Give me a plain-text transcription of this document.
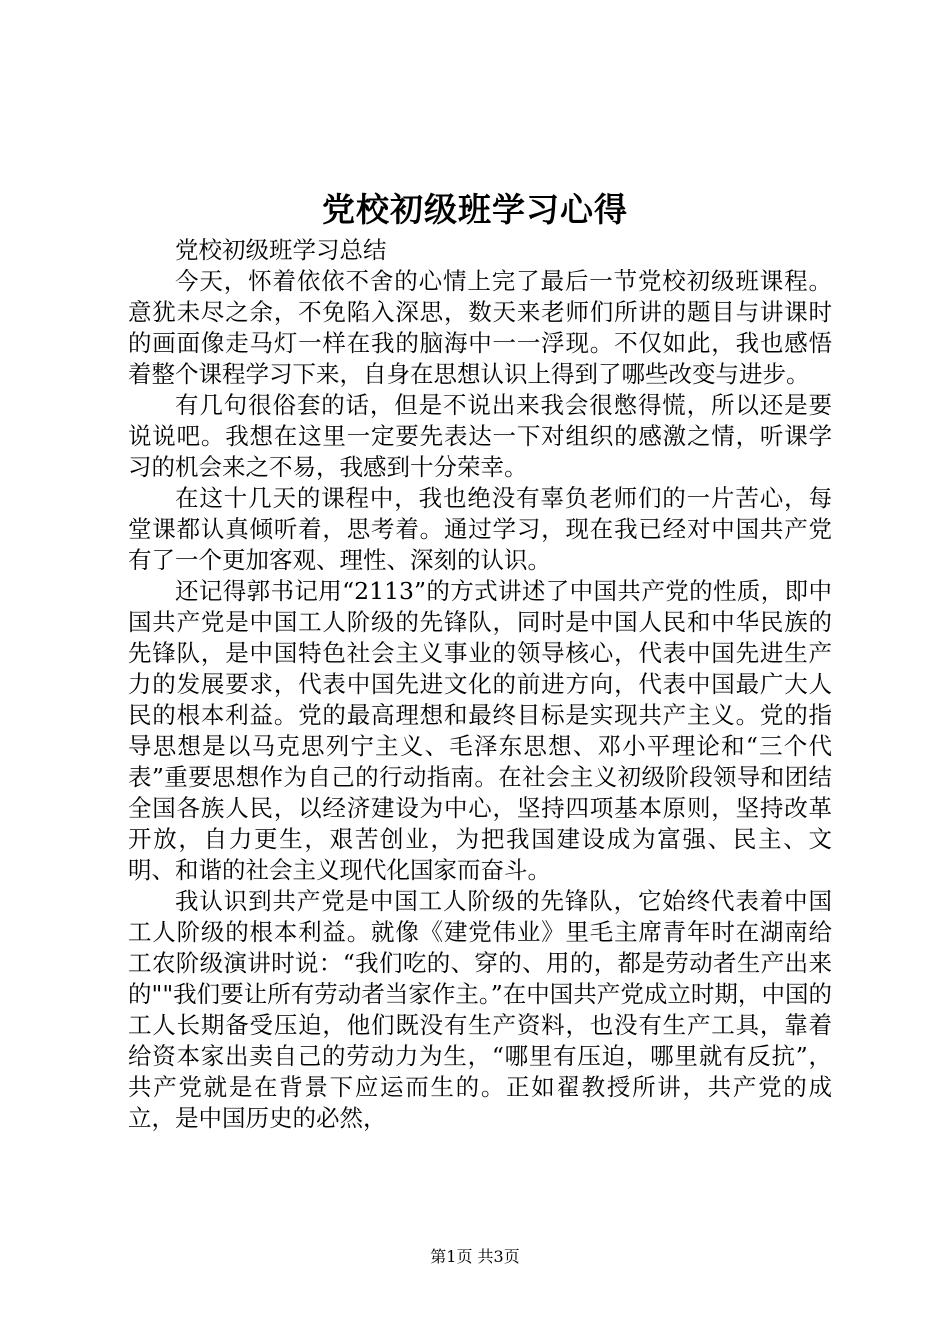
党校初级班学习心得

党校初级班学习总结

今天，怀着依依不舍的心情上完了最后一节党校初级班课程。意犹未尽之余，不免陷入深思，数天来老师们所讲的题目与讲课时的画面像走马灯一样在我的脑海中一一浮现。不仅如此，我也感悟着整个课程学习下来，自身在思想认识上得到了哪些改变与进步。

有几句很俗套的话，但是不说出来我会很憋得慌，所以还是要说说吧。我想在这里一定要先表达一下对组织的感激之情，听课学习的机会来之不易，我感到十分荣幸。

在这十几天的课程中，我也绝没有辜负老师们的一片苦心，每堂课都认真倾听着，思考着。通过学习，现在我已经对中国共产党有了一个更加客观、理性、深刻的认识。

还记得郭书记用“2113”的方式讲述了中国共产党的性质，即中国共产党是中国工人阶级的先锋队，同时是中国人民和中华民族的先锋队，是中国特色社会主义事业的领导核心，代表中国先进生产力的发展要求，代表中国先进文化的前进方向，代表中国最广大人民的根本利益。党的最高理想和最终目标是实现共产主义。党的指导思想是以马克思列宁主义、毛泽东思想、邓小平理论和“三个代表”重要思想作为自己的行动指南。在社会主义初级阶段领导和团结全国各族人民，以经济建设为中心，坚持四项基本原则，坚持改革开放，自力更生，艰苦创业，为把我国建设成为富强、民主、文明、和谐的社会主义现代化国家而奋斗。

我认识到共产党是中国工人阶级的先锋队，它始终代表着中国工人阶级的根本利益。就像《建党伟业》里毛主席青年时在湖南给工农阶级演讲时说：“我们吃的、穿的、用的，都是劳动者生产出来的""我们要让所有劳动者当家作主。”在中国共产党成立时期，中国的工人长期备受压迫，他们既没有生产资料，也没有生产工具，靠着给资本家出卖自己的劳动力为生，“哪里有压迫，哪里就有反抗”，共产党就是在背景下应运而生的。正如翟教授所讲，共产党的成立，是中国历史的必然，

第1页 共3页
